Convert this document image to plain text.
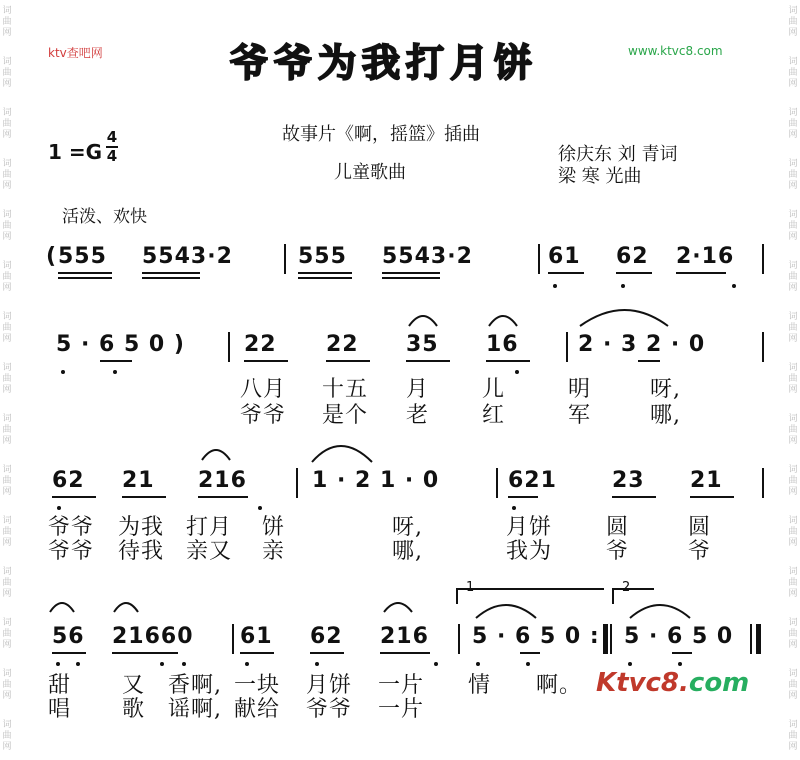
词
曲
网
词
曲
网
词
曲
网
词
曲
网
词
曲
网
词
曲
网
词
曲
网
词
曲
网
词
曲
网
词
曲
网
词
曲
网
词
曲
网
词
曲
网
词
曲
网
词
曲
网
词
曲
网
词
曲
网
词
曲
网
词
曲
网
词
曲
网
词
曲
网
词
曲
网
词
曲
网
词
曲
网
词
曲
网
词
曲
网
词
曲
网
词
曲
网
词
曲
网
词
曲
网
ktv查吧网	www.ktvc8.com
爷爷为我打月饼
1 =G
4
4
故事片《啊，摇篮》插曲
儿童歌曲
徐庆东 刘 青词
梁 寒 光曲
活泼、欢快
( 555 5543·2	555 5543·2	61 62 2·16
5 · 6 5 0 )	22 22 35 16	2 · 3 2 · 0
八月 十五 月 儿	明	呀,
爷爷 是个 老 红	军	哪,
62 21 216	1 · 2 1 · 0	621	23 21
爷爷 为我 打月 饼	呀,	月饼 圆	圆
爷爷 待我 亲又 亲	哪,	我为 爷	爷
56 21660 61 62 216 5 · 6 5 0 : 5 · 6 5 0
甜 又 香啊, 一块 月饼 一片 情 啊。
唱 歌 谣啊, 献给 爷爷 一片
1	2
Ktvc8.com
